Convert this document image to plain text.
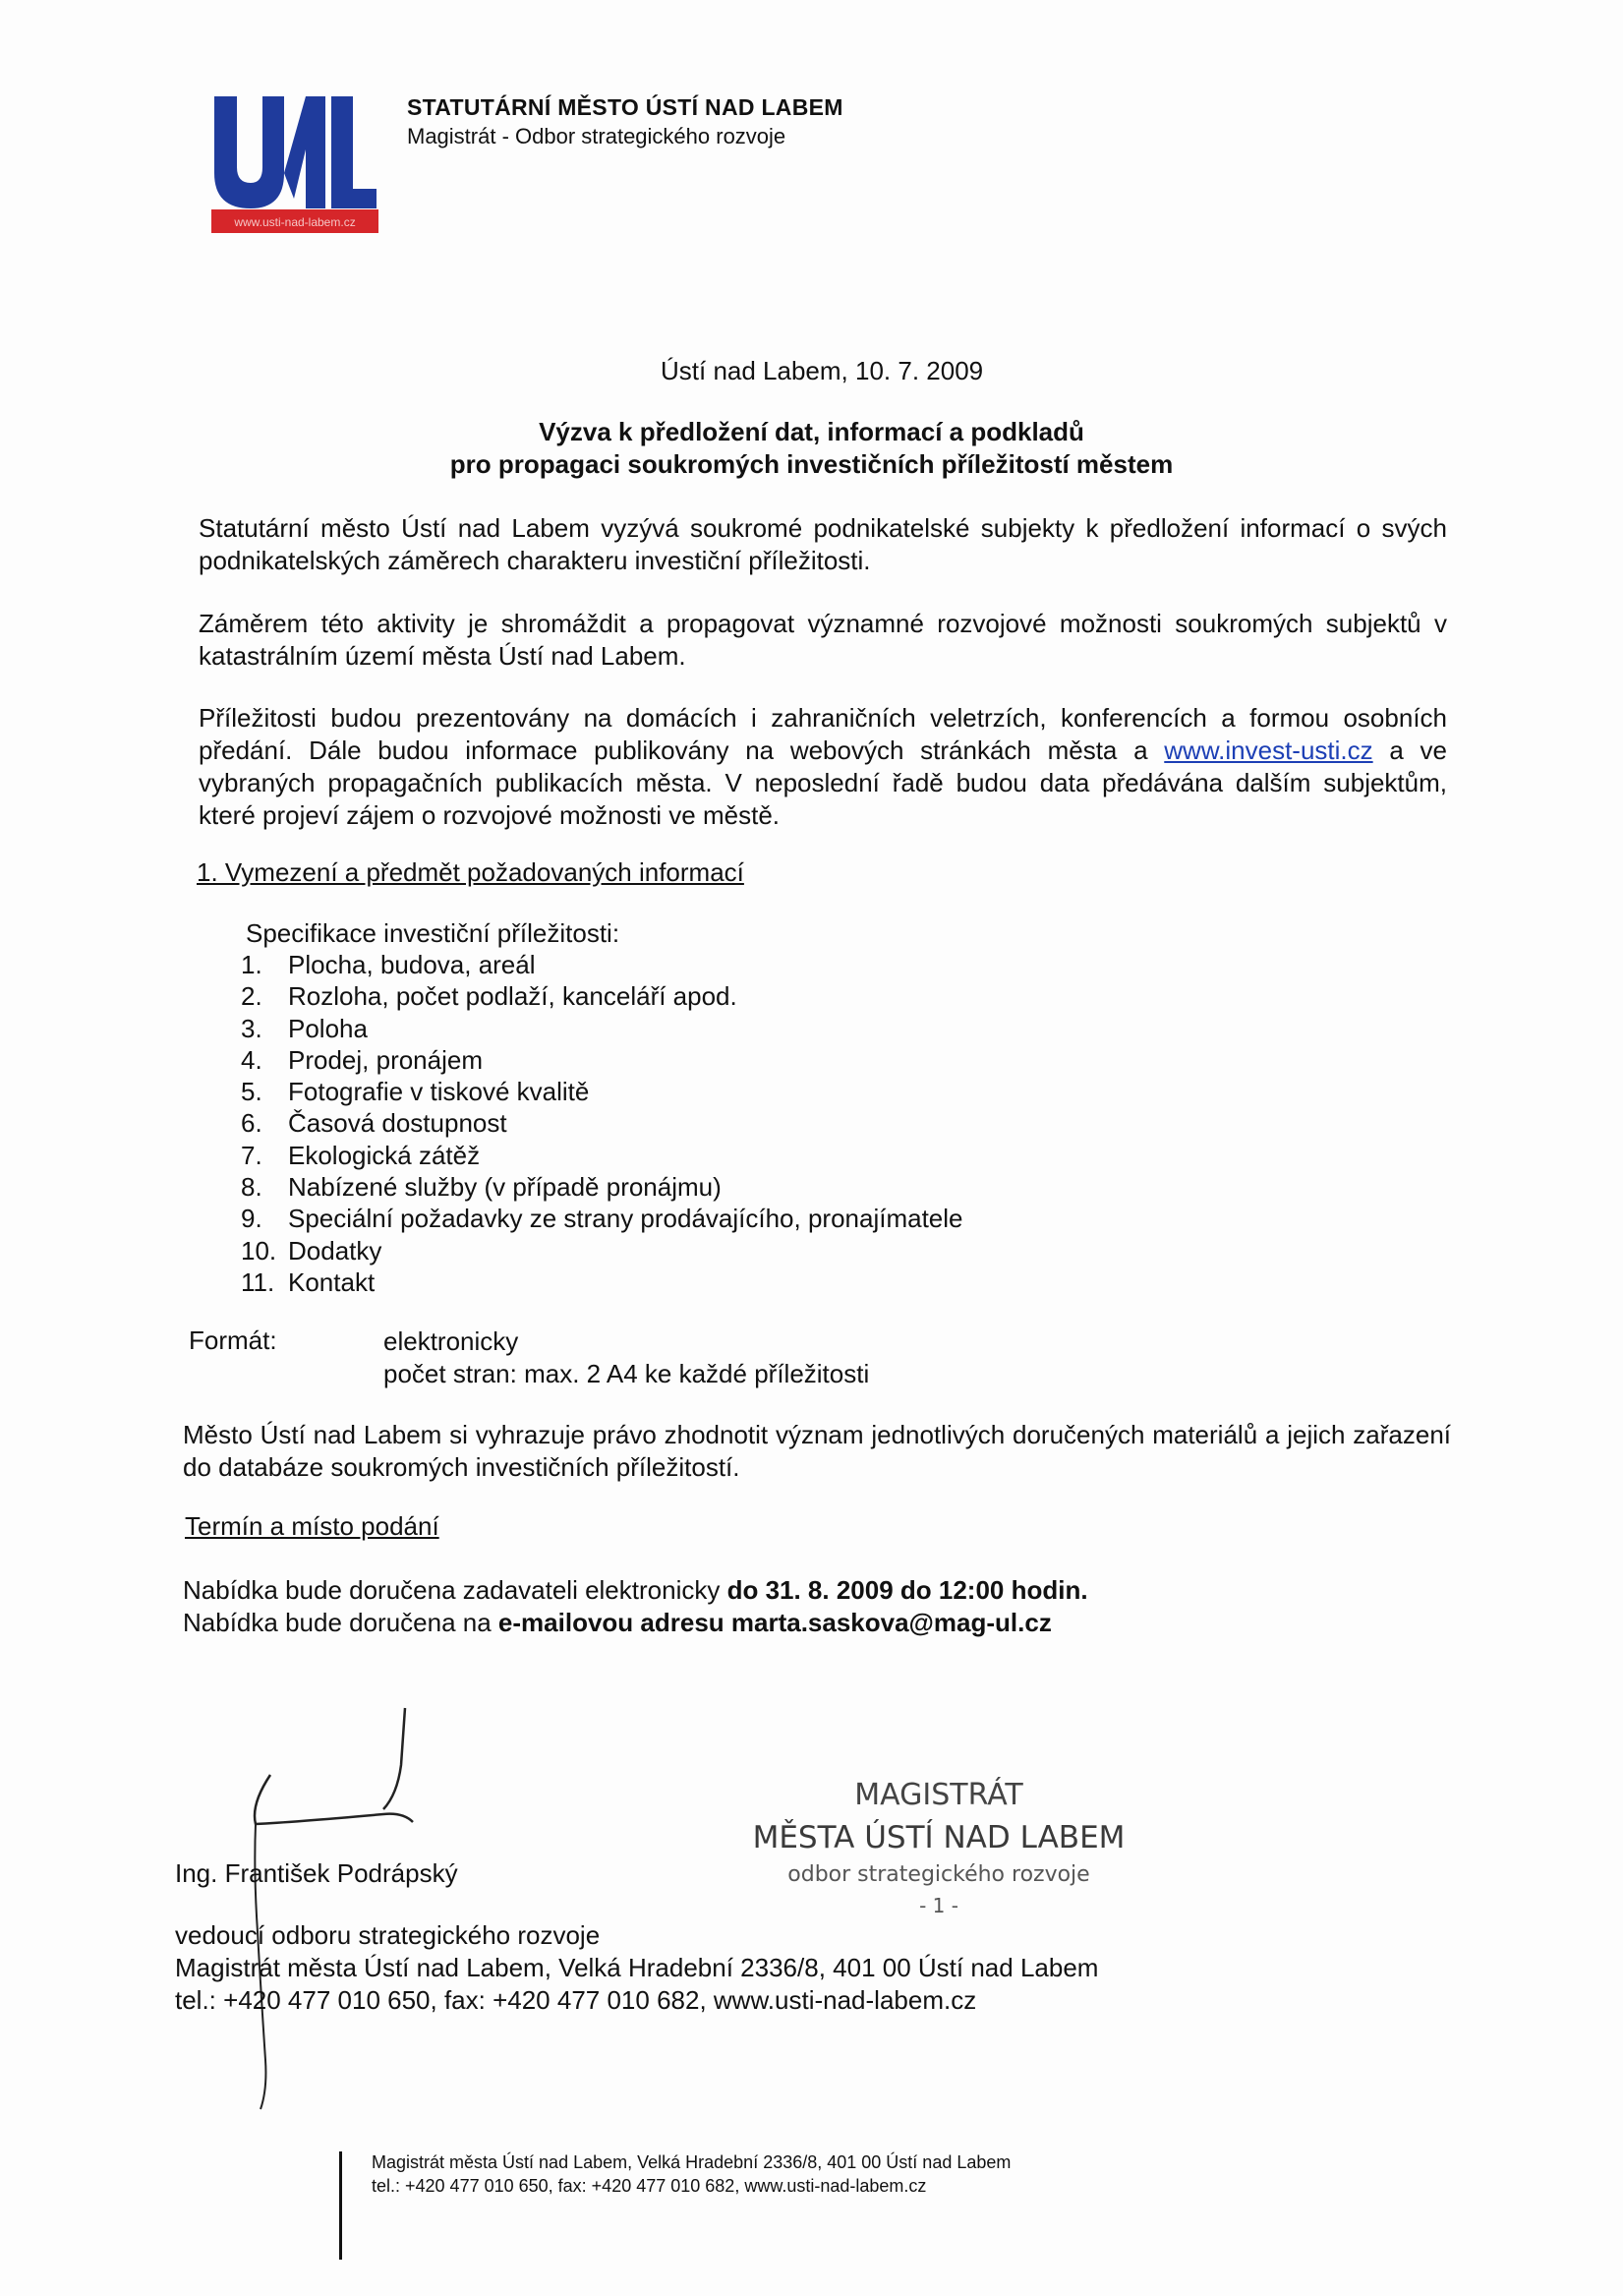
www.usti-nad-labem.cz
STATUTÁRNÍ MĚSTO ÚSTÍ NAD LABEM
Magistrát - Odbor strategického rozvoje
Ústí nad Labem, 10. 7. 2009
Výzva k předložení dat, informací a podkladů
pro propagaci soukromých investičních příležitostí městem

Statutární město Ústí nad Labem vyzývá soukromé podnikatelské subjekty k předložení informací o svých podnikatelských záměrech charakteru investiční příležitosti.

Záměrem této aktivity je shromáždit a propagovat významné rozvojové možnosti soukromých subjektů v katastrálním území města Ústí nad Labem.

Příležitosti budou prezentovány na domácích i zahraničních veletrzích, konferencích a formou osobních předání. Dále budou informace publikovány na webových stránkách města a www.invest-usti.cz a ve vybraných propagačních publikacích města. V neposlední řadě budou data předávána dalším subjektům, které projeví zájem o rozvojové možnosti ve městě.

1. Vymezení a předmět požadovaných informací
Specifikace investiční příležitosti:
1. Plocha, budova, areál
2. Rozloha, počet podlaží, kanceláří apod.
3. Poloha
4. Prodej, pronájem
5. Fotografie v tiskové kvalitě
6. Časová dostupnost
7. Ekologická zátěž
8. Nabízené služby (v případě pronájmu)
9. Speciální požadavky ze strany prodávajícího, pronajímatele
10. Dodatky
11. Kontakt
Formát:	elektronicky
počet stran: max. 2 A4 ke každé příležitosti

Město Ústí nad Labem si vyhrazuje právo zhodnotit význam jednotlivých doručených materiálů a jejich zařazení do databáze soukromých investičních příležitostí.

Termín a místo podání
Nabídka bude doručena zadavateli elektronicky do 31. 8. 2009 do 12:00 hodin.
Nabídka bude doručena na e-mailovou adresu marta.saskova@mag-ul.cz
Ing. František Podrápský
MAGISTRÁT
MĚSTA ÚSTÍ NAD LABEM
odbor strategického rozvoje
- 1 -
vedoucí odboru strategického rozvoje
Magistrát města Ústí nad Labem, Velká Hradební 2336/8, 401 00 Ústí nad Labem
tel.: +420 477 010 650, fax: +420 477 010 682, www.usti-nad-labem.cz
Magistrát města Ústí nad Labem, Velká Hradební 2336/8, 401 00 Ústí nad Labem
tel.: +420 477 010 650, fax: +420 477 010 682, www.usti-nad-labem.cz
